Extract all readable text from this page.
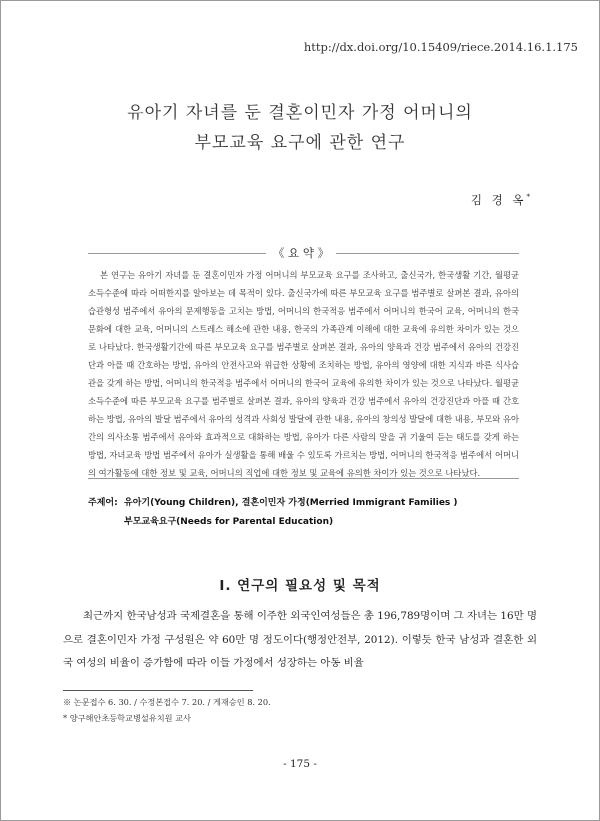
http://dx.doi.org/10.15409/riece.2014.16.1.175
유아기 자녀를 둔 결혼이민자 가정 어머니의
부모교육 요구에 관한 연구
김 경 옥*
《 요 약 》

본 연구는 유아기 자녀를 둔 결혼이민자 가정 어머니의 부모교육 요구를 조사하고, 출신국가, 한국생활 기간, 월평균 소득수준에 따라 어떠한지를 알아보는 데 목적이 있다. 출신국가에 따른 부모교육 요구를 범주별로 살펴본 결과, 유아의 습관형성 범주에서 유아의 문제행동을 고치는 방법, 어머니의 한국적응 범주에서 어머니의 한국어 교육, 어머니의 한국 문화에 대한 교육, 어머니의 스트레스 해소에 관한 내용, 한국의 가족관계 이해에 대한 교육에 유의한 차이가 있는 것으로 나타났다. 한국생활기간에 따른 부모교육 요구를 범주별로 살펴본 결과, 유아의 양육과 건강 범주에서 유아의 건강진단과 아플 때 간호하는 방법, 유아의 안전사고와 위급한 상황에 조치하는 방법, 유아의 영양에 대한 지식과 바른 식사습관을 갖게 하는 방법, 어머니의 한국적응 범주에서 어머니의 한국어 교육에 유의한 차이가 있는 것으로 나타났다. 월평균 소득수준에 따른 부모교육 요구를 범주별로 살펴본 결과, 유아의 양육과 건강 범주에서 유아의 건강진단과 아플 때 간호하는 방법, 유아의 발달 범주에서 유아의 성격과 사회성 발달에 관한 내용, 유아의 창의성 발달에 대한 내용, 부모와 유아간의 의사소통 범주에서 유아와 효과적으로 대화하는 방법, 유아가 다른 사람의 말을 귀 기울여 듣는 태도를 갖게 하는 방법, 자녀교육 방법 범주에서 유아가 실생활을 통해 배울 수 있도록 가르치는 방법, 어머니의 한국적응 범주에서 어머니의 여가활동에 대한 정보 및 교육, 어머니의 직업에 대한 정보 및 교육에 유의한 차이가 있는 것으로 나타났다.

주제어: 유아기(Young Children), 결혼이민자 가정(Merried Immigrant Families )
부모교육요구(Needs for Parental Education)
Ⅰ. 연구의 필요성 및 목적

최근까지 한국남성과 국제결혼을 통해 이주한 외국인여성들은 총 196,789명이며 그 자녀는 16만 명으로 결혼이민자 가정 구성원은 약 60만 명 정도이다(행정안전부, 2012). 이렇듯 한국 남성과 결혼한 외국 여성의 비율이 증가함에 따라 이들 가정에서 성장하는 아동 비율

※ 논문접수 6. 30. / 수정본접수 7. 20. / 게재승인 8. 20.
* 양구해안초등학교병설유치원 교사
- 175 -
